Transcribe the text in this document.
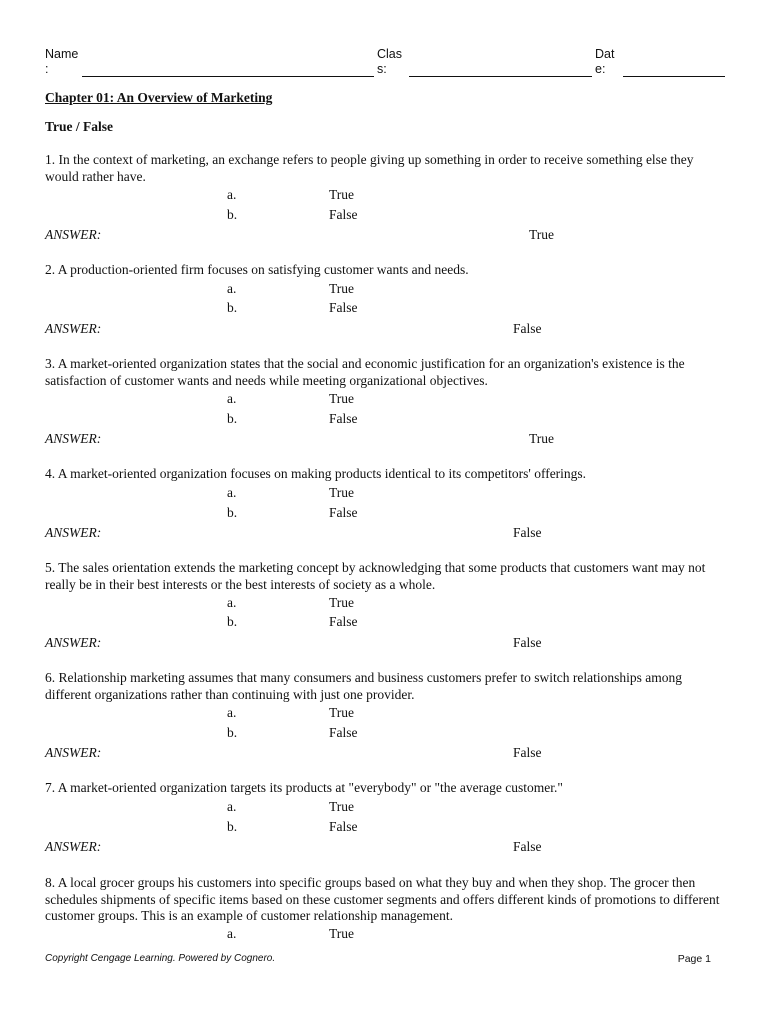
Name
:
Clas
s:
Dat
e:
Chapter 01: An Overview of Marketing
True / False
1. In the context of marketing, an exchange refers to people giving up something in order to receive something else they would rather have.
a.	True
b.	False
ANSWER:	True
2. A production-oriented firm focuses on satisfying customer wants and needs.
a.	True
b.	False
ANSWER:	False
3. A market-oriented organization states that the social and economic justification for an organization's existence is the satisfaction of customer wants and needs while meeting organizational objectives.
a.	True
b.	False
ANSWER:	True
4. A market-oriented organization focuses on making products identical to its competitors' offerings.
a.	True
b.	False
ANSWER:	False
5. The sales orientation extends the marketing concept by acknowledging that some products that customers want may not really be in their best interests or the best interests of society as a whole.
a.	True
b.	False
ANSWER:	False
6. Relationship marketing assumes that many consumers and business customers prefer to switch relationships among different organizations rather than continuing with just one provider.
a.	True
b.	False
ANSWER:	False
7. A market-oriented organization targets its products at "everybody" or "the average customer."
a.	True
b.	False
ANSWER:	False
8. A local grocer groups his customers into specific groups based on what they buy and when they shop. The grocer then schedules shipments of specific items based on these customer segments and offers different kinds of promotions to different customer groups. This is an example of customer relationship management.
a.	True
Copyright Cengage Learning. Powered by Cognero.	Page 1
